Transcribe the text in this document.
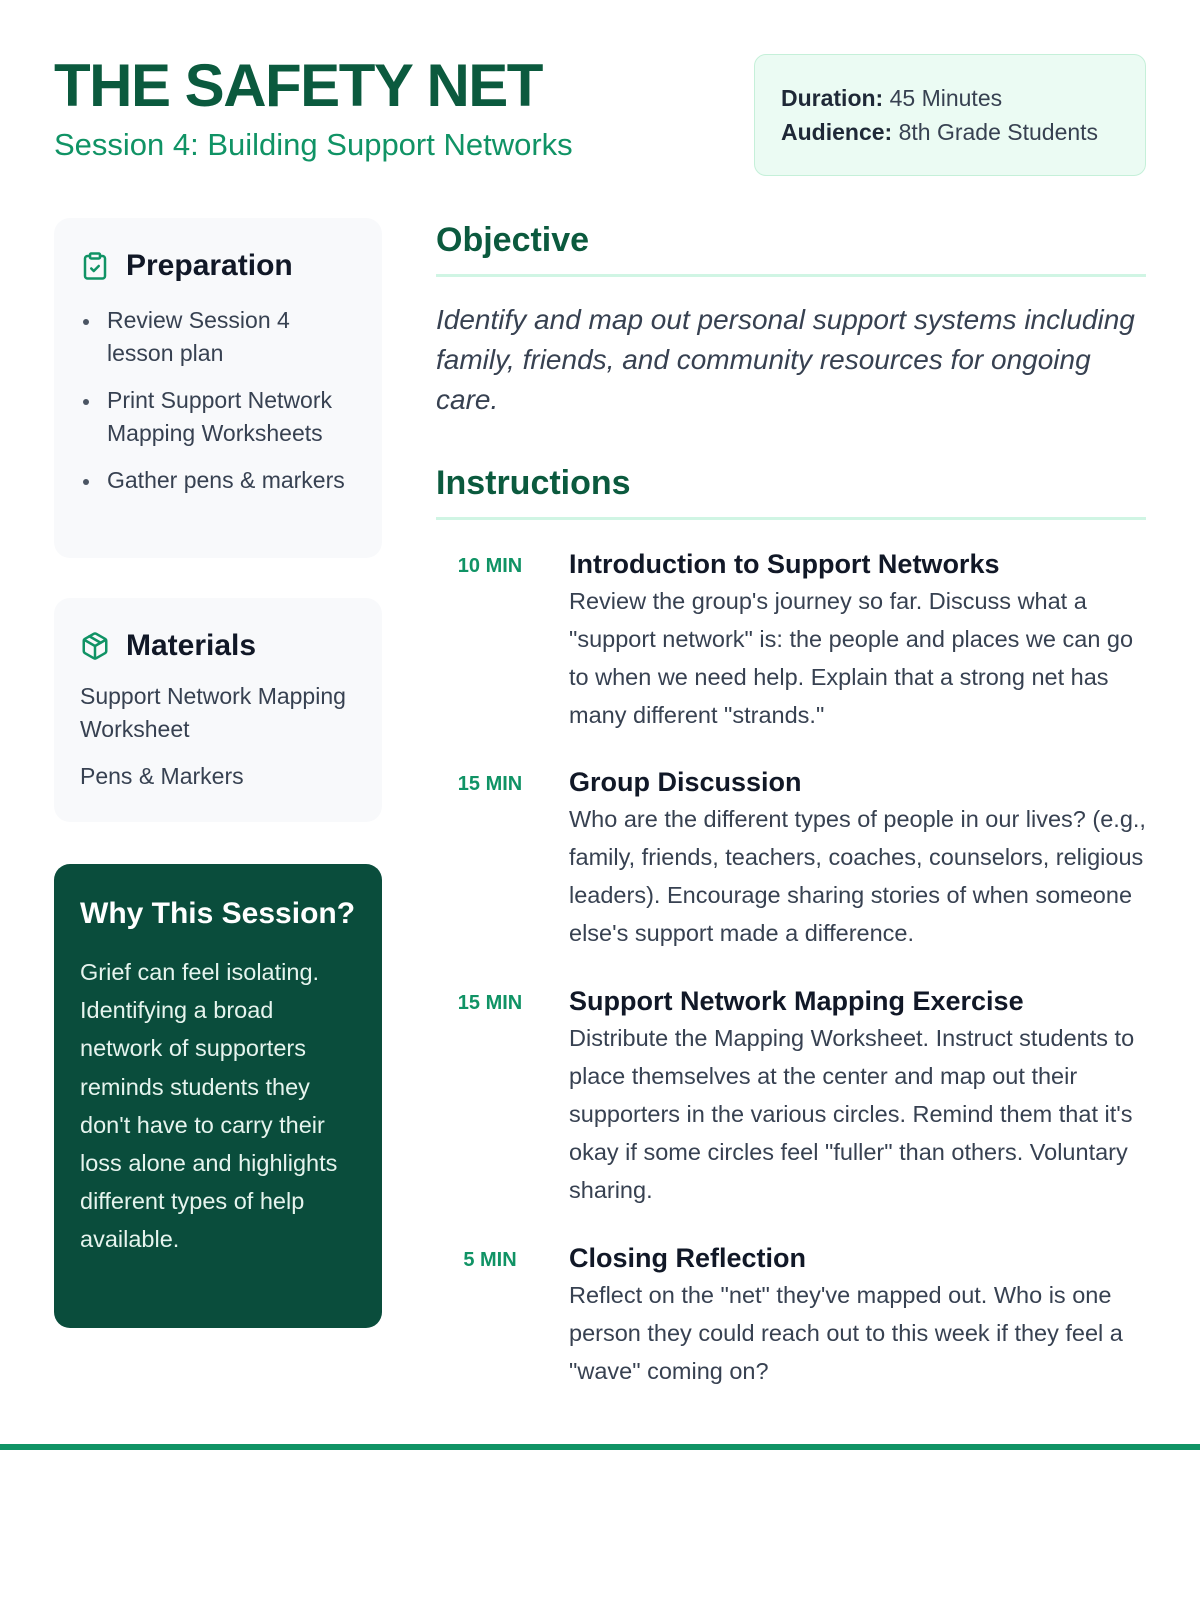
THE SAFETY NET
Session 4: Building Support Networks
Duration: 45 Minutes
Audience: 8th Grade Students
Preparation
Review Session 4 lesson plan
Print Support Network Mapping Worksheets
Gather pens & markers
Materials
Support Network Mapping Worksheet
Pens & Markers
Why This Session?
Grief can feel isolating. Identifying a broad network of supporters reminds students they don't have to carry their loss alone and highlights different types of help available.
Objective
Identify and map out personal support systems including family, friends, and community resources for ongoing care.
Instructions
10 MIN Introduction to Support Networks
Review the group's journey so far. Discuss what a "support network" is: the people and places we can go to when we need help. Explain that a strong net has many different "strands."
15 MIN Group Discussion
Who are the different types of people in our lives? (e.g., family, friends, teachers, coaches, counselors, religious leaders). Encourage sharing stories of when someone else's support made a difference.
15 MIN Support Network Mapping Exercise
Distribute the Mapping Worksheet. Instruct students to place themselves at the center and map out their supporters in the various circles. Remind them that it's okay if some circles feel "fuller" than others. Voluntary sharing.
5 MIN Closing Reflection
Reflect on the "net" they've mapped out. Who is one person they could reach out to this week if they feel a "wave" coming on?
